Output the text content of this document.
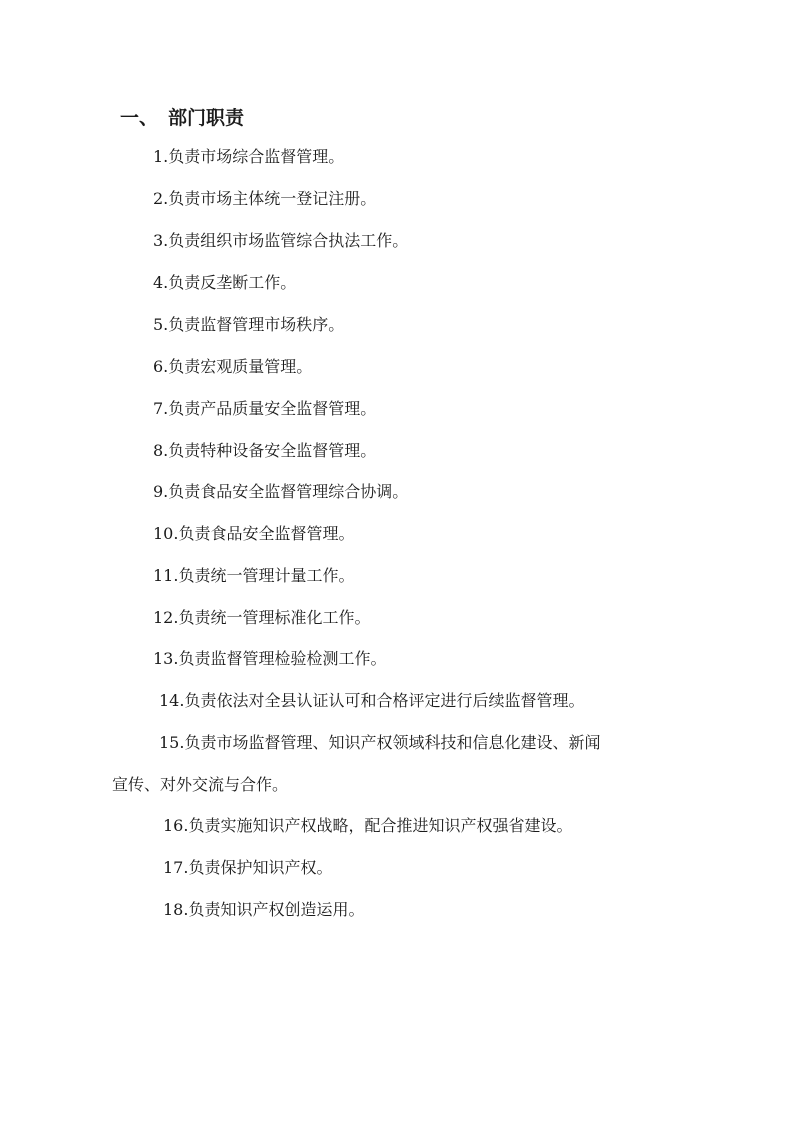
一、 部门职责
1.负责市场综合监督管理。
2.负责市场主体统一登记注册。
3.负责组织市场监管综合执法工作。
4.负责反垄断工作。
5.负责监督管理市场秩序。
6.负责宏观质量管理。
7.负责产品质量安全监督管理。
8.负责特种设备安全监督管理。
9.负责食品安全监督管理综合协调。
10.负责食品安全监督管理。
11.负责统一管理计量工作。
12.负责统一管理标准化工作。
13.负责监督管理检验检测工作。
14.负责依法对全县认证认可和合格评定进行后续监督管理。
15.负责市场监督管理、知识产权领域科技和信息化建设、新闻
宣传、对外交流与合作。
16.负责实施知识产权战略，配合推进知识产权强省建设。
17.负责保护知识产权。
18.负责知识产权创造运用。
